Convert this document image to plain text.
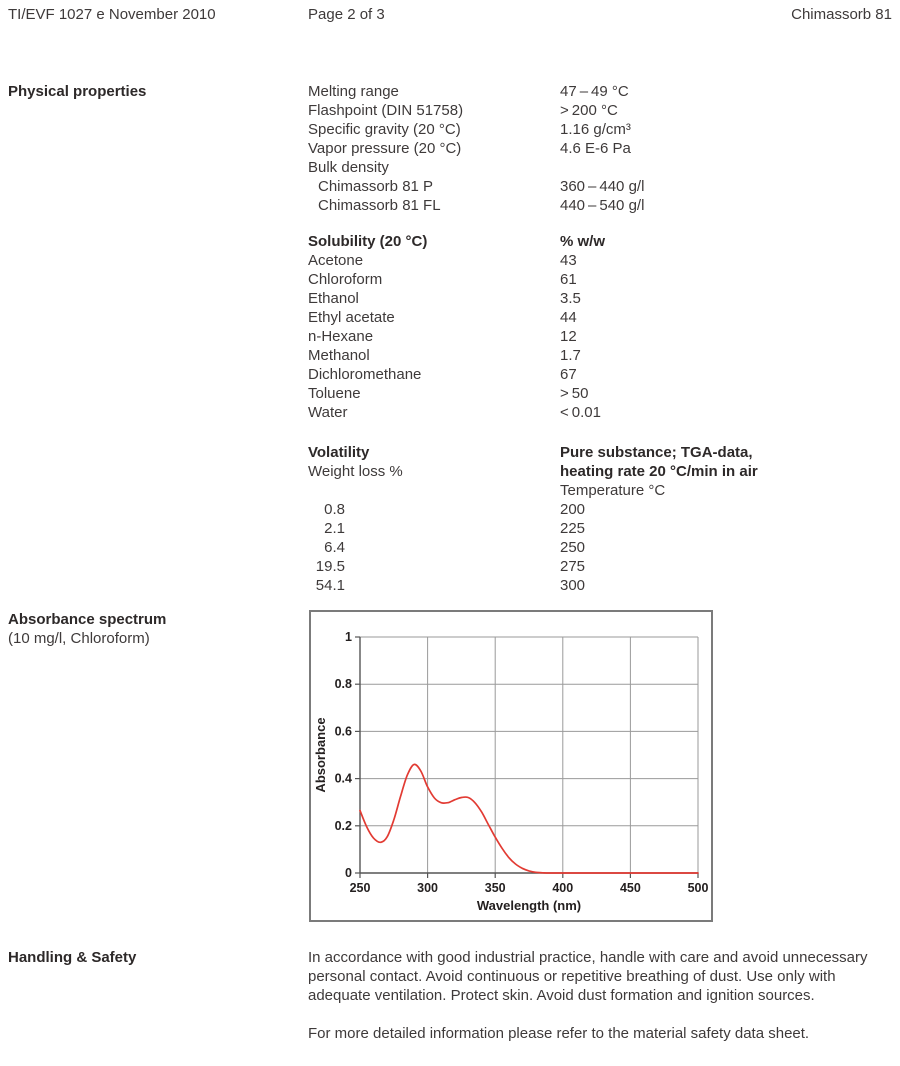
TI/EVF 1027 e November 2010	Page 2 of 3	Chimassorb 81
Physical properties	Melting range	47 – 49 °C
Flashpoint (DIN 51758)	> 200 °C
Specific gravity (20 °C)	1.16 g/cm³
Vapor pressure (20 °C)	4.6 E-6 Pa
Bulk density
Chimassorb 81 P	360 – 440 g/l
Chimassorb 81 FL	440 – 540 g/l
Solubility (20 °C)	% w/w
Acetone	43
Chloroform	61
Ethanol	3.5
Ethyl acetate	44
n-Hexane	12
Methanol	1.7
Dichloromethane	67
Toluene	> 50
Water	< 0.01
Volatility	Pure substance; TGA-data,
Weight loss %	heating rate 20 °C/min in air
Temperature °C
0.8	200
2.1	225
6.4	250
19.5	275
54.1	300
Absorbance spectrum
(10 mg/l, Chloroform)
0
0.2
0.4
0.6
0.8
1
250	300	350	400	450	500
Wavelength (nm)
Absorbance
Handling & Safety	In accordance with good industrial practice, handle with care and avoid unnecessary personal contact. Avoid continuous or repetitive breathing of dust. Use only with adequate ventilation. Protect skin. Avoid dust formation and ignition sources.

For more detailed information please refer to the material safety data sheet.
